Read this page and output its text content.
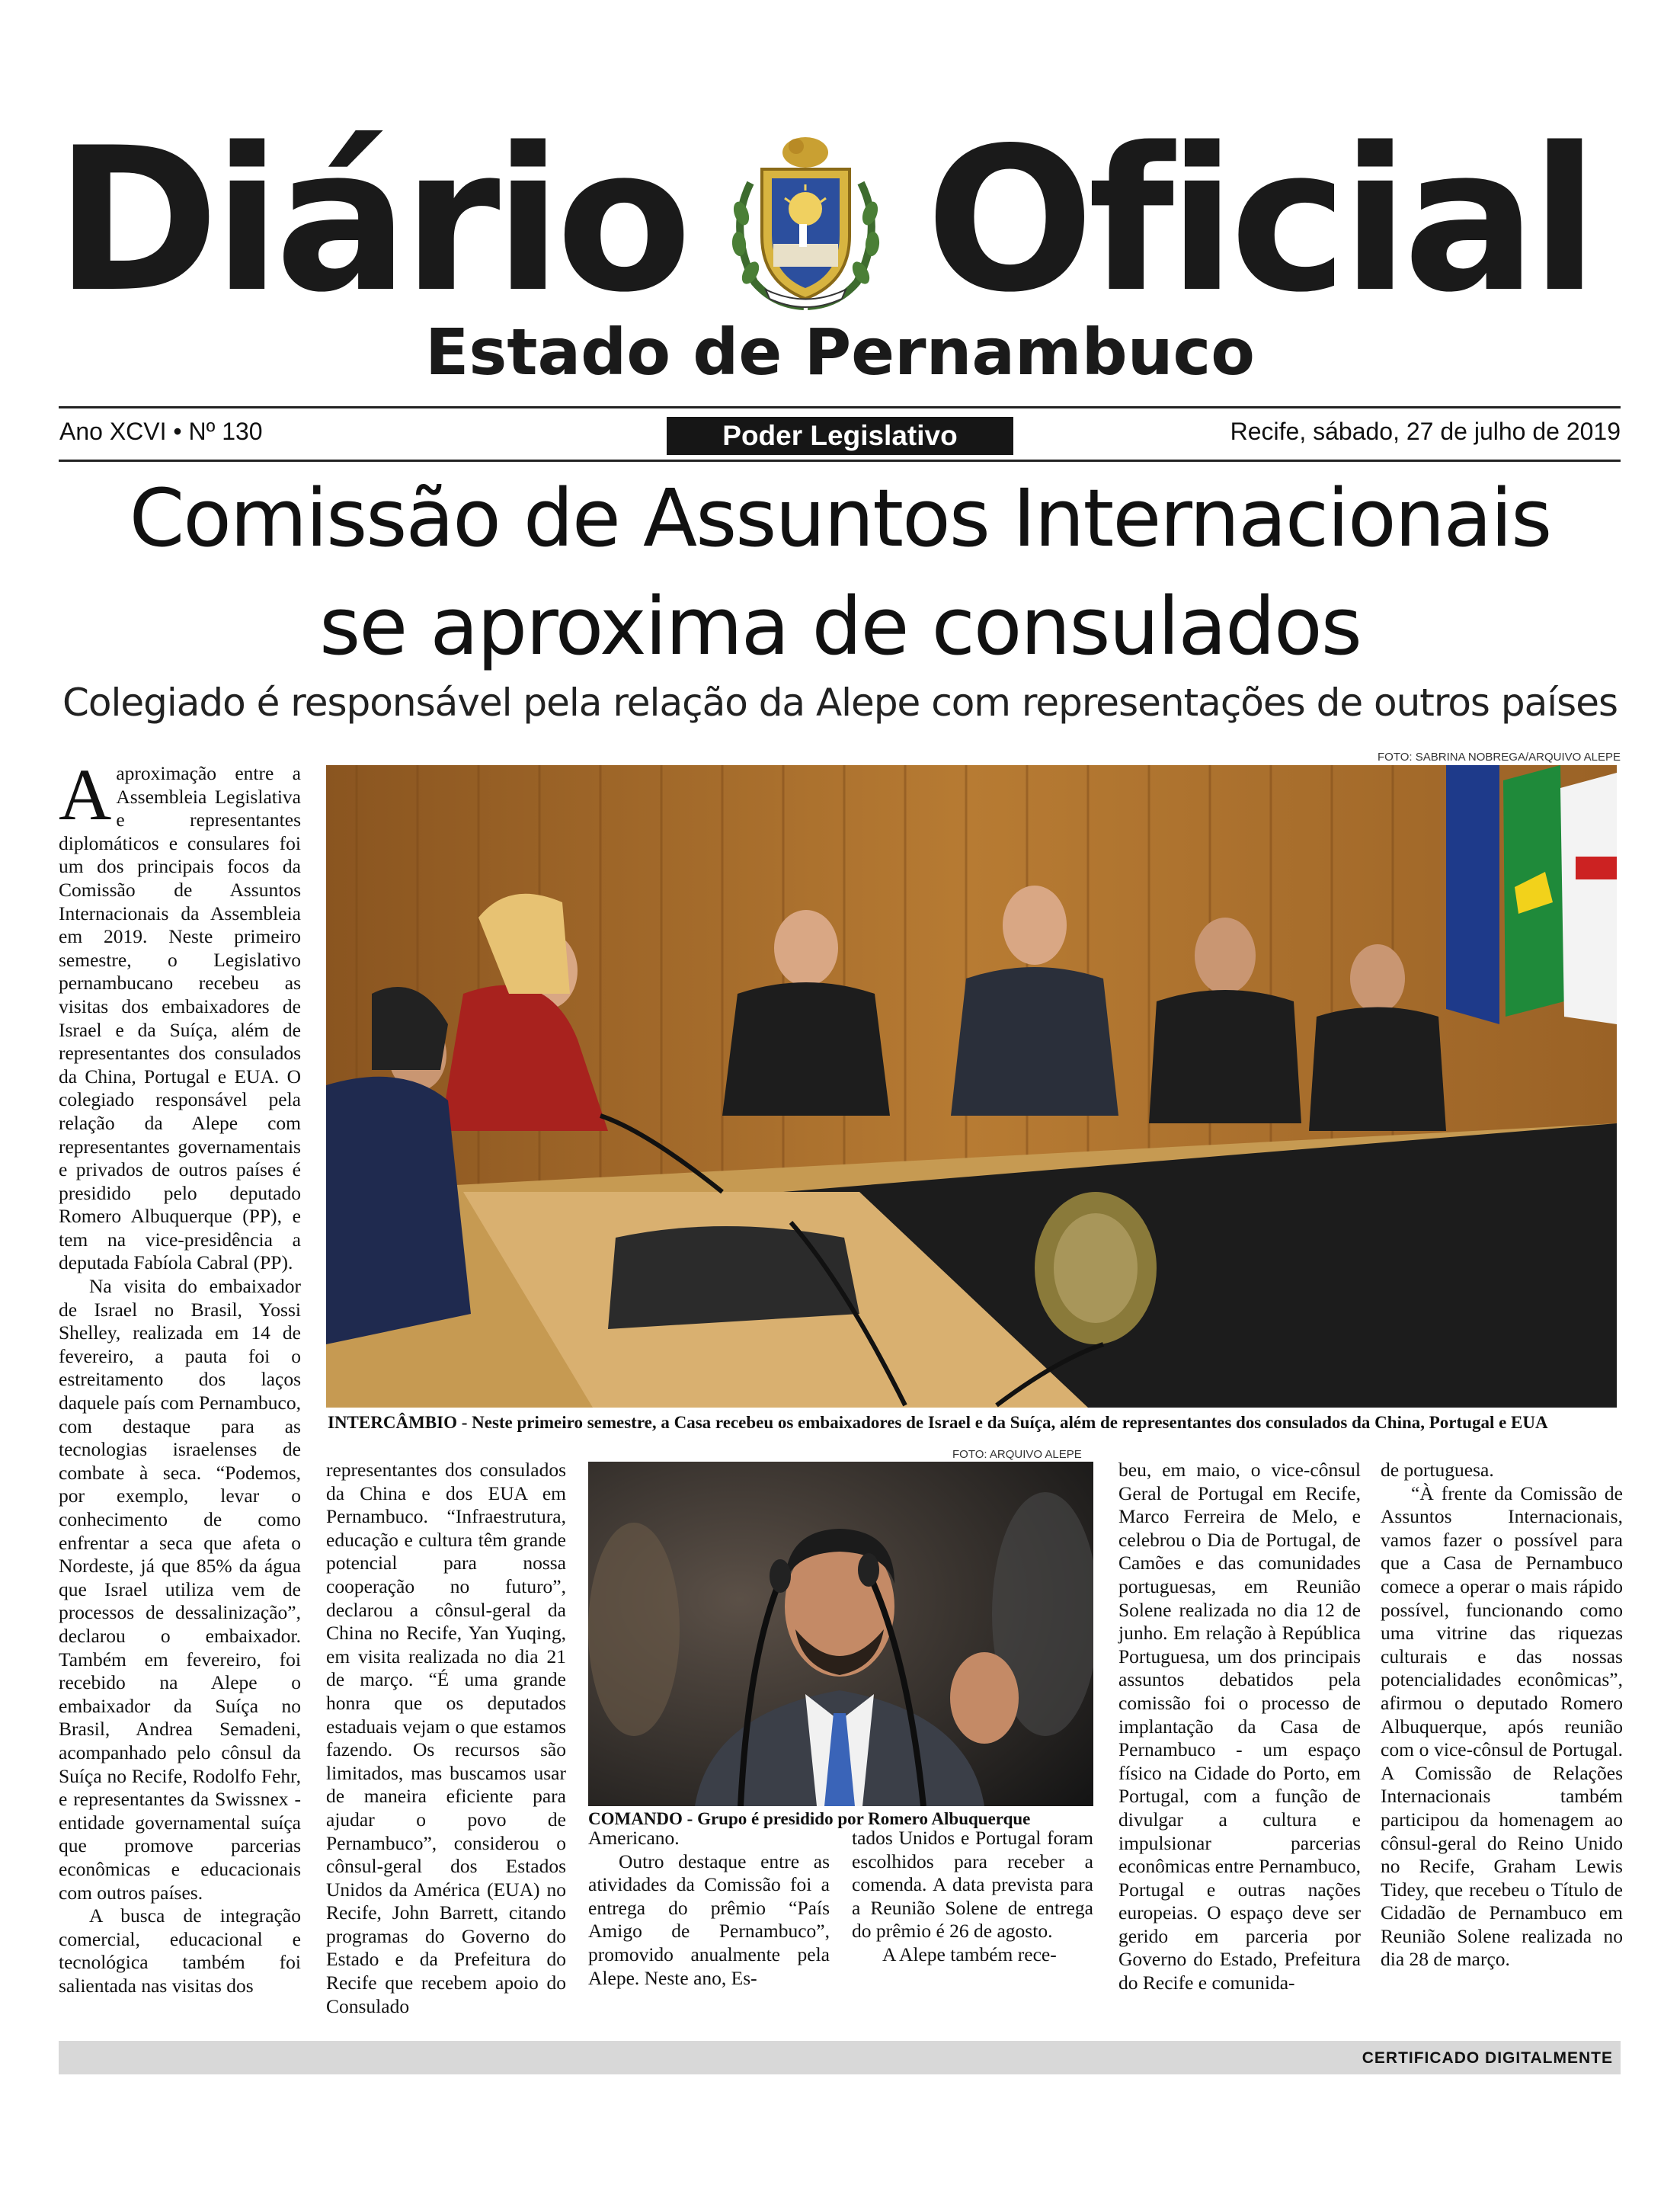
Diário Oficial
Estado de Pernambuco
Ano XCVI • Nº 130	Poder Legislativo	Recife, sábado, 27 de julho de 2019
Comissão de Assuntos Internacionais
se aproxima de consulados
Colegiado é responsável pela relação da Alepe com representações de outros países
FOTO: SABRINA NOBREGA/ARQUIVO ALEPE
INTERCÂMBIO - Neste primeiro semestre, a Casa recebeu os embaixadores de Israel e da Suíça, além de representantes dos consulados da China, Portugal e EUA
FOTO: ARQUIVO ALEPE
COMANDO - Grupo é presidido por Romero Albuquerque

Aaproximação entre a Assembleia Legislativa e representantes diplomáticos e consulares foi um dos principais focos da Comissão de Assuntos Internacionais da Assembleia em 2019. Neste primeiro semestre, o Legislativo pernambucano recebeu as visitas dos embaixadores de Israel e da Suíça, além de representantes dos consulados da China, Portugal e EUA. O colegiado responsável pela relação da Alepe com representantes governamentais e privados de outros países é presidido pelo deputado Romero Albuquerque (PP), e tem na vice-presidência a deputada Fabíola Cabral (PP).

Na visita do embaixador de Israel no Brasil, Yossi Shelley, realizada em 14 de fevereiro, a pauta foi o estreitamento dos laços daquele país com Pernambuco, com destaque para as tecnologias israelenses de combate à seca. “Podemos, por exemplo, levar o conhecimento de como enfrentar a seca que afeta o Nordeste, já que 85% da água que Israel utiliza vem de processos de dessalinização”, declarou o embaixador. Também em fevereiro, foi recebido na Alepe o embaixador da Suíça no Brasil, Andrea Semadeni, acompanhado pelo cônsul da Suíça no Recife, Rodolfo Fehr, e representantes da Swissnex - entidade governamental suíça que promove parcerias econômicas e educacionais com outros países.

A busca de integração comercial, educacional e tecnológica também foi salientada nas visitas dos

representantes dos consulados da China e dos EUA em Pernambuco. “Infraestrutura, educação e cultura têm grande potencial para nossa cooperação no futuro”, declarou a cônsul-geral da China no Recife, Yan Yuqing, em visita realizada no dia 21 de março. “É uma grande honra que os deputados estaduais vejam o que estamos fazendo. Os recursos são limitados, mas buscamos usar de maneira eficiente para ajudar o povo de Pernambuco”, considerou o cônsul-geral dos Estados Unidos da América (EUA) no Recife, John Barrett, citando programas do Governo do Estado e da Prefeitura do Recife que recebem apoio do Consulado

Americano.

Outro destaque entre as atividades da Comissão foi a entrega do prêmio “País Amigo de Pernambuco”, promovido anualmente pela Alepe. Neste ano, Es-

tados Unidos e Portugal foram escolhidos para receber a comenda. A data prevista para a Reunião Solene de entrega do prêmio é 26 de agosto.

A Alepe também rece-

beu, em maio, o vice-cônsul Geral de Portugal em Recife, Marco Ferreira de Melo, e celebrou o Dia de Portugal, de Camões e das comunidades portuguesas, em Reunião Solene realizada no dia 12 de junho. Em relação à República Portuguesa, um dos principais assuntos debatidos pela comissão foi o processo de implantação da Casa de Pernambuco - um espaço físico na Cidade do Porto, em Portugal, com a função de divulgar a cultura e impulsionar parcerias econômicas entre Pernambuco, Portugal e outras nações europeias. O espaço deve ser gerido em parceria por Governo do Estado, Prefeitura do Recife e comunida-

de portuguesa.

“À frente da Comissão de Assuntos Internacionais, vamos fazer o possível para que a Casa de Pernambuco comece a operar o mais rápido possível, funcionando como uma vitrine das riquezas culturais e das nossas potencialidades econômicas”, afirmou o deputado Romero Albuquerque, após reunião com o vice-cônsul de Portugal. A Comissão de Relações Internacionais também participou da homenagem ao cônsul-geral do Reino Unido no Recife, Graham Lewis Tidey, que recebeu o Título de Cidadão de Pernambuco em Reunião Solene realizada no dia 28 de março.

CERTIFICADO DIGITALMENTE
